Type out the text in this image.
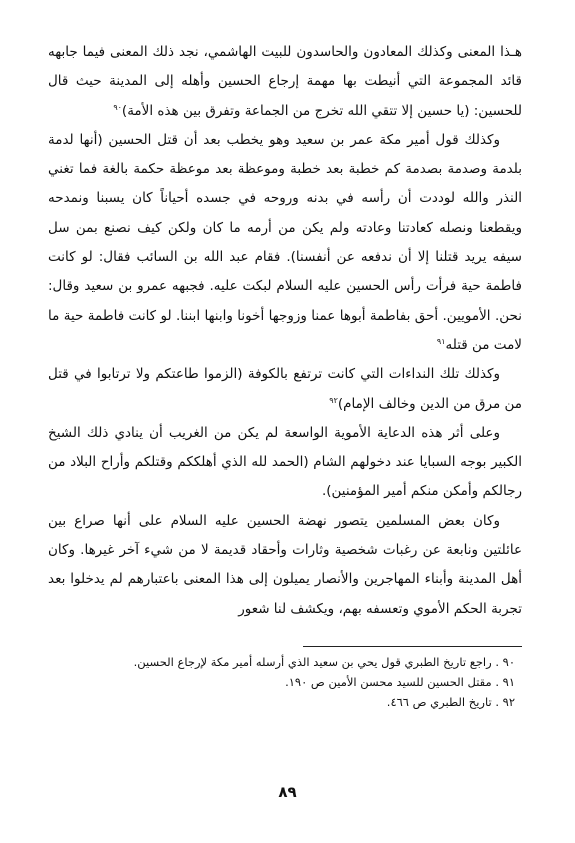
هـذا المعنى وكذلك المعادون والحاسدون للبيت الهاشمي، نجد ذلك المعنى فيما جابهه قائد المجموعة التي أنيطت بها مهمة إرجاع الحسين وأهله إلى المدينة حيث قال للحسين: (يا حسين إلا تتقي الله تخرج من الجماعة وتفرق بين هذه الأمة)$^{٩٠}$

وكذلك قول أمير مكة عمر بن سعيد وهو يخطب بعد أن قتل الحسين (أنها لدمة بلدمة وصدمة بصدمة كم خطبة بعد خطبة وموعظة بعد موعظة حكمة بالغة فما تغني النذر والله لوددت أن رأسه في بدنه وروحه في جسده أحياناً كان يسبنا ونمدحه ويقطعنا ونصله كعادتنا وعادته ولم يكن من أرمه ما كان ولكن كيف نصنع بمن سل سيفه يريد قتلنا إلا أن ندفعه عن أنفسنا). فقام عبد الله بن السائب فقال: لو كانت فاطمة حية فرأت رأس الحسين عليه السلام لبكت عليه. فجبهه عمرو بن سعيد وقال: نحن. الأمويين. أحق بفاطمة أبوها عمنا وزوجها أخونا وابنها ابننا. لو كانت فاطمة حية ما لامت من قتله$^{٩١}$

وكذلك تلك النداءات التي كانت ترتفع بالكوفة (الزموا طاعتكم ولا ترتابوا في قتل من مرق من الدين وخالف الإمام)$^{٩٢}$

وعلى أثر هذه الدعاية الأموية الواسعة لم يكن من الغريب أن ينادي ذلك الشيخ الكبير بوجه السبايا عند دخولهم الشام (الحمد لله الذي أهلككم وقتلكم وأراح البلاد من رجالكم وأمكن منكم أمير المؤمنين).

وكان بعض المسلمين يتصور نهضة الحسين عليه السلام على أنها صراع بين عائلتين ونابعة عن رغبات شخصية وثارات وأحقاد قديمة لا من شيء آخر غيرها. وكان أهل المدينة وأبناء المهاجرين والأنصار يميلون إلى هذا المعنى باعتبارهم لم يدخلوا بعد تجربة الحكم الأموي وتعسفه بهم، ويكشف لنا شعور

٩٠ . راجع تاريخ الطبري قول يحي بن سعيد الذي أرسله أمير مكة لإرجاع الحسين.
٩١ . مقتل الحسين للسيد محسن الأمين ص ١٩٠.
٩٢ . تاريخ الطبري ص ٤٦٦.
٨٩
